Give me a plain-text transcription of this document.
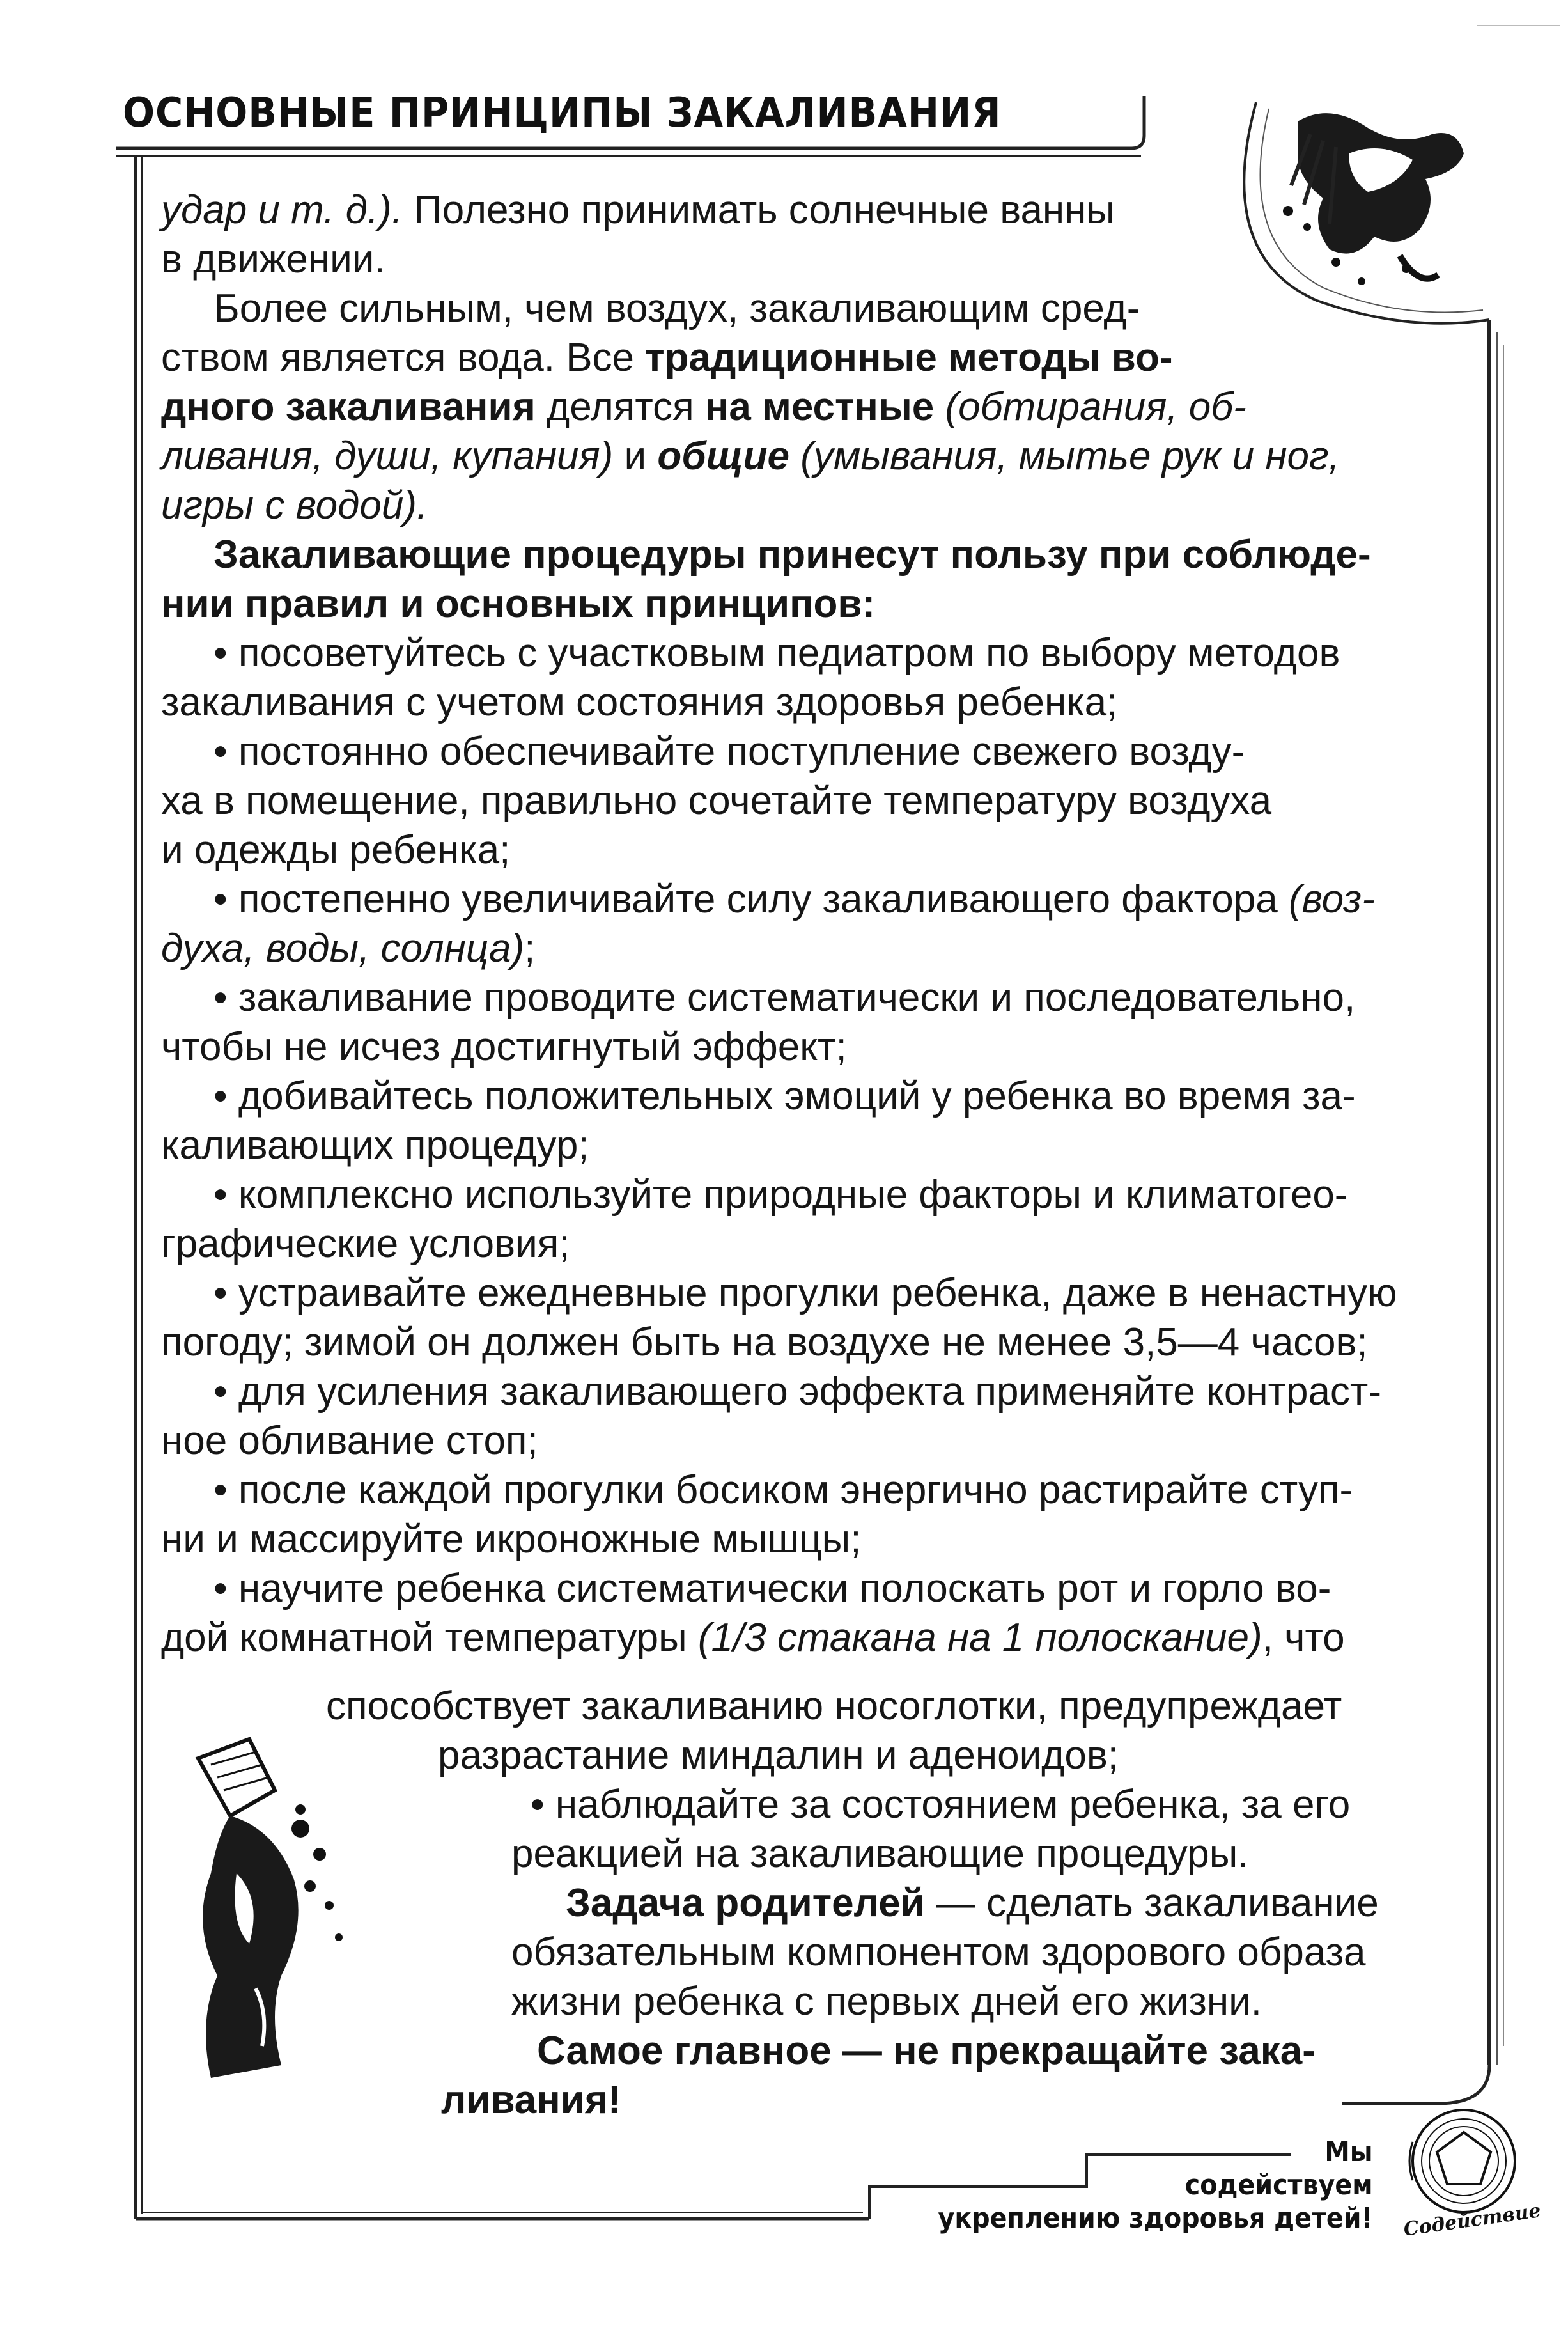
ОСНОВНЫЕ ПРИНЦИПЫ ЗАКАЛИВАНИЯ

удар и т. д.). Полезно принимать солнечные ванны
в движении.

Более сильным, чем воздух, закаливающим сред-
ством является вода. Все традиционные методы во-
дного закаливания делятся на местные (обтирания, об-
ливания, души, купания) и общие (умывания, мытье рук и ног,
игры с водой).

Закаливающие процедуры принесут пользу при соблюде-
нии правил и основных принципов:

• посоветуйтесь с участковым педиатром по выбору методов
закаливания с учетом состояния здоровья ребенка;

• постоянно обеспечивайте поступление свежего возду-
ха в помещение, правильно сочетайте температуру воздуха
и одежды ребенка;

• постепенно увеличивайте силу закаливающего фактора (воз-
духа, воды, солнца);

• закаливание проводите систематически и последовательно,
чтобы не исчез достигнутый эффект;

• добивайтесь положительных эмоций у ребенка во время за-
каливающих процедур;

• комплексно используйте природные факторы и климатогео-
графические условия;

• устраивайте ежедневные прогулки ребенка, даже в ненастную
погоду; зимой он должен быть на воздухе не менее 3,5—4 часов;

• для усиления закаливающего эффекта применяйте контраст-
ное обливание стоп;

• после каждой прогулки босиком энергично растирайте ступ-
ни и массируйте икроножные мышцы;

• научите ребенка систематически полоскать рот и горло во-
дой комнатной температуры (1/3 стакана на 1 полоскание), что

способствует закаливанию носоглотки, предупреждает
разрастание миндалин и аденоидов;
• наблюдайте за состоянием ребенка, за его
реакцией на закаливающие процедуры.
Задача родителей — сделать закаливание
обязательным компонентом здорового образа
жизни ребенка с первых дней его жизни.
Самое главное — не прекращайте зака-
ливания!
Мы
содействуем
укреплению здоровья детей! Содействие
